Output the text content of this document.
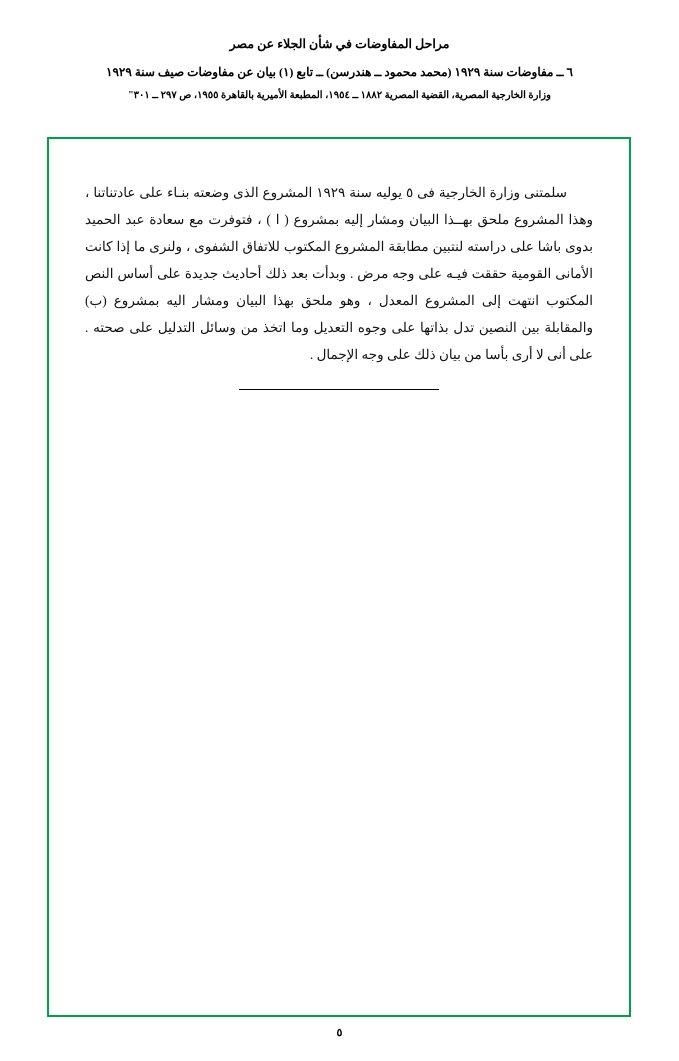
مراحل المفاوضات في شأن الجلاء عن مصر
٦ ــ مفاوضات سنة ١٩٢٩ (محمد محمود ــ هندرسن) ــ تابع (١) بيان عن مفاوضات صيف سنة ١٩٢٩
وزارة الخارجية المصرية، القضية المصرية ١٨٨٢ ــ ١٩٥٤، المطبعة الأميرية بالقاهرة ١٩٥٥، ص ٢٩٧ ــ ٣٠١"

سلمتنى وزارة الخارجية فى ٥ يوليه سنة ١٩٢٩ المشروع الذى وضعته بنـاء على عادتناتنا ، وهذا المشروع ملحق بهــذا البيان ومشار إليه بمشروع ( ا ) ، فتوفرت مع سعادة عبد الحميد بدوى باشا على دراسته لنتبين مطابقة المشروع المكتوب للاتفاق الشفوى ، ولنرى ما إذا كانت الأمانى القومية حققت فيـه على وجه مرض . وبدأت بعد ذلك أحاديث جديدة على أساس النص المكتوب انتهت إلى المشروع المعدل ، وهو ملحق بهذا البيان ومشار اليه بمشروع (ب) والمقابلة بين النصين تدل بذاتها على وجوه التعديل وما اتخذ من وسائل التدليل على صحته . على أنى لا أرى بأسا من بيان ذلك على وجه الإجمال .

٥
